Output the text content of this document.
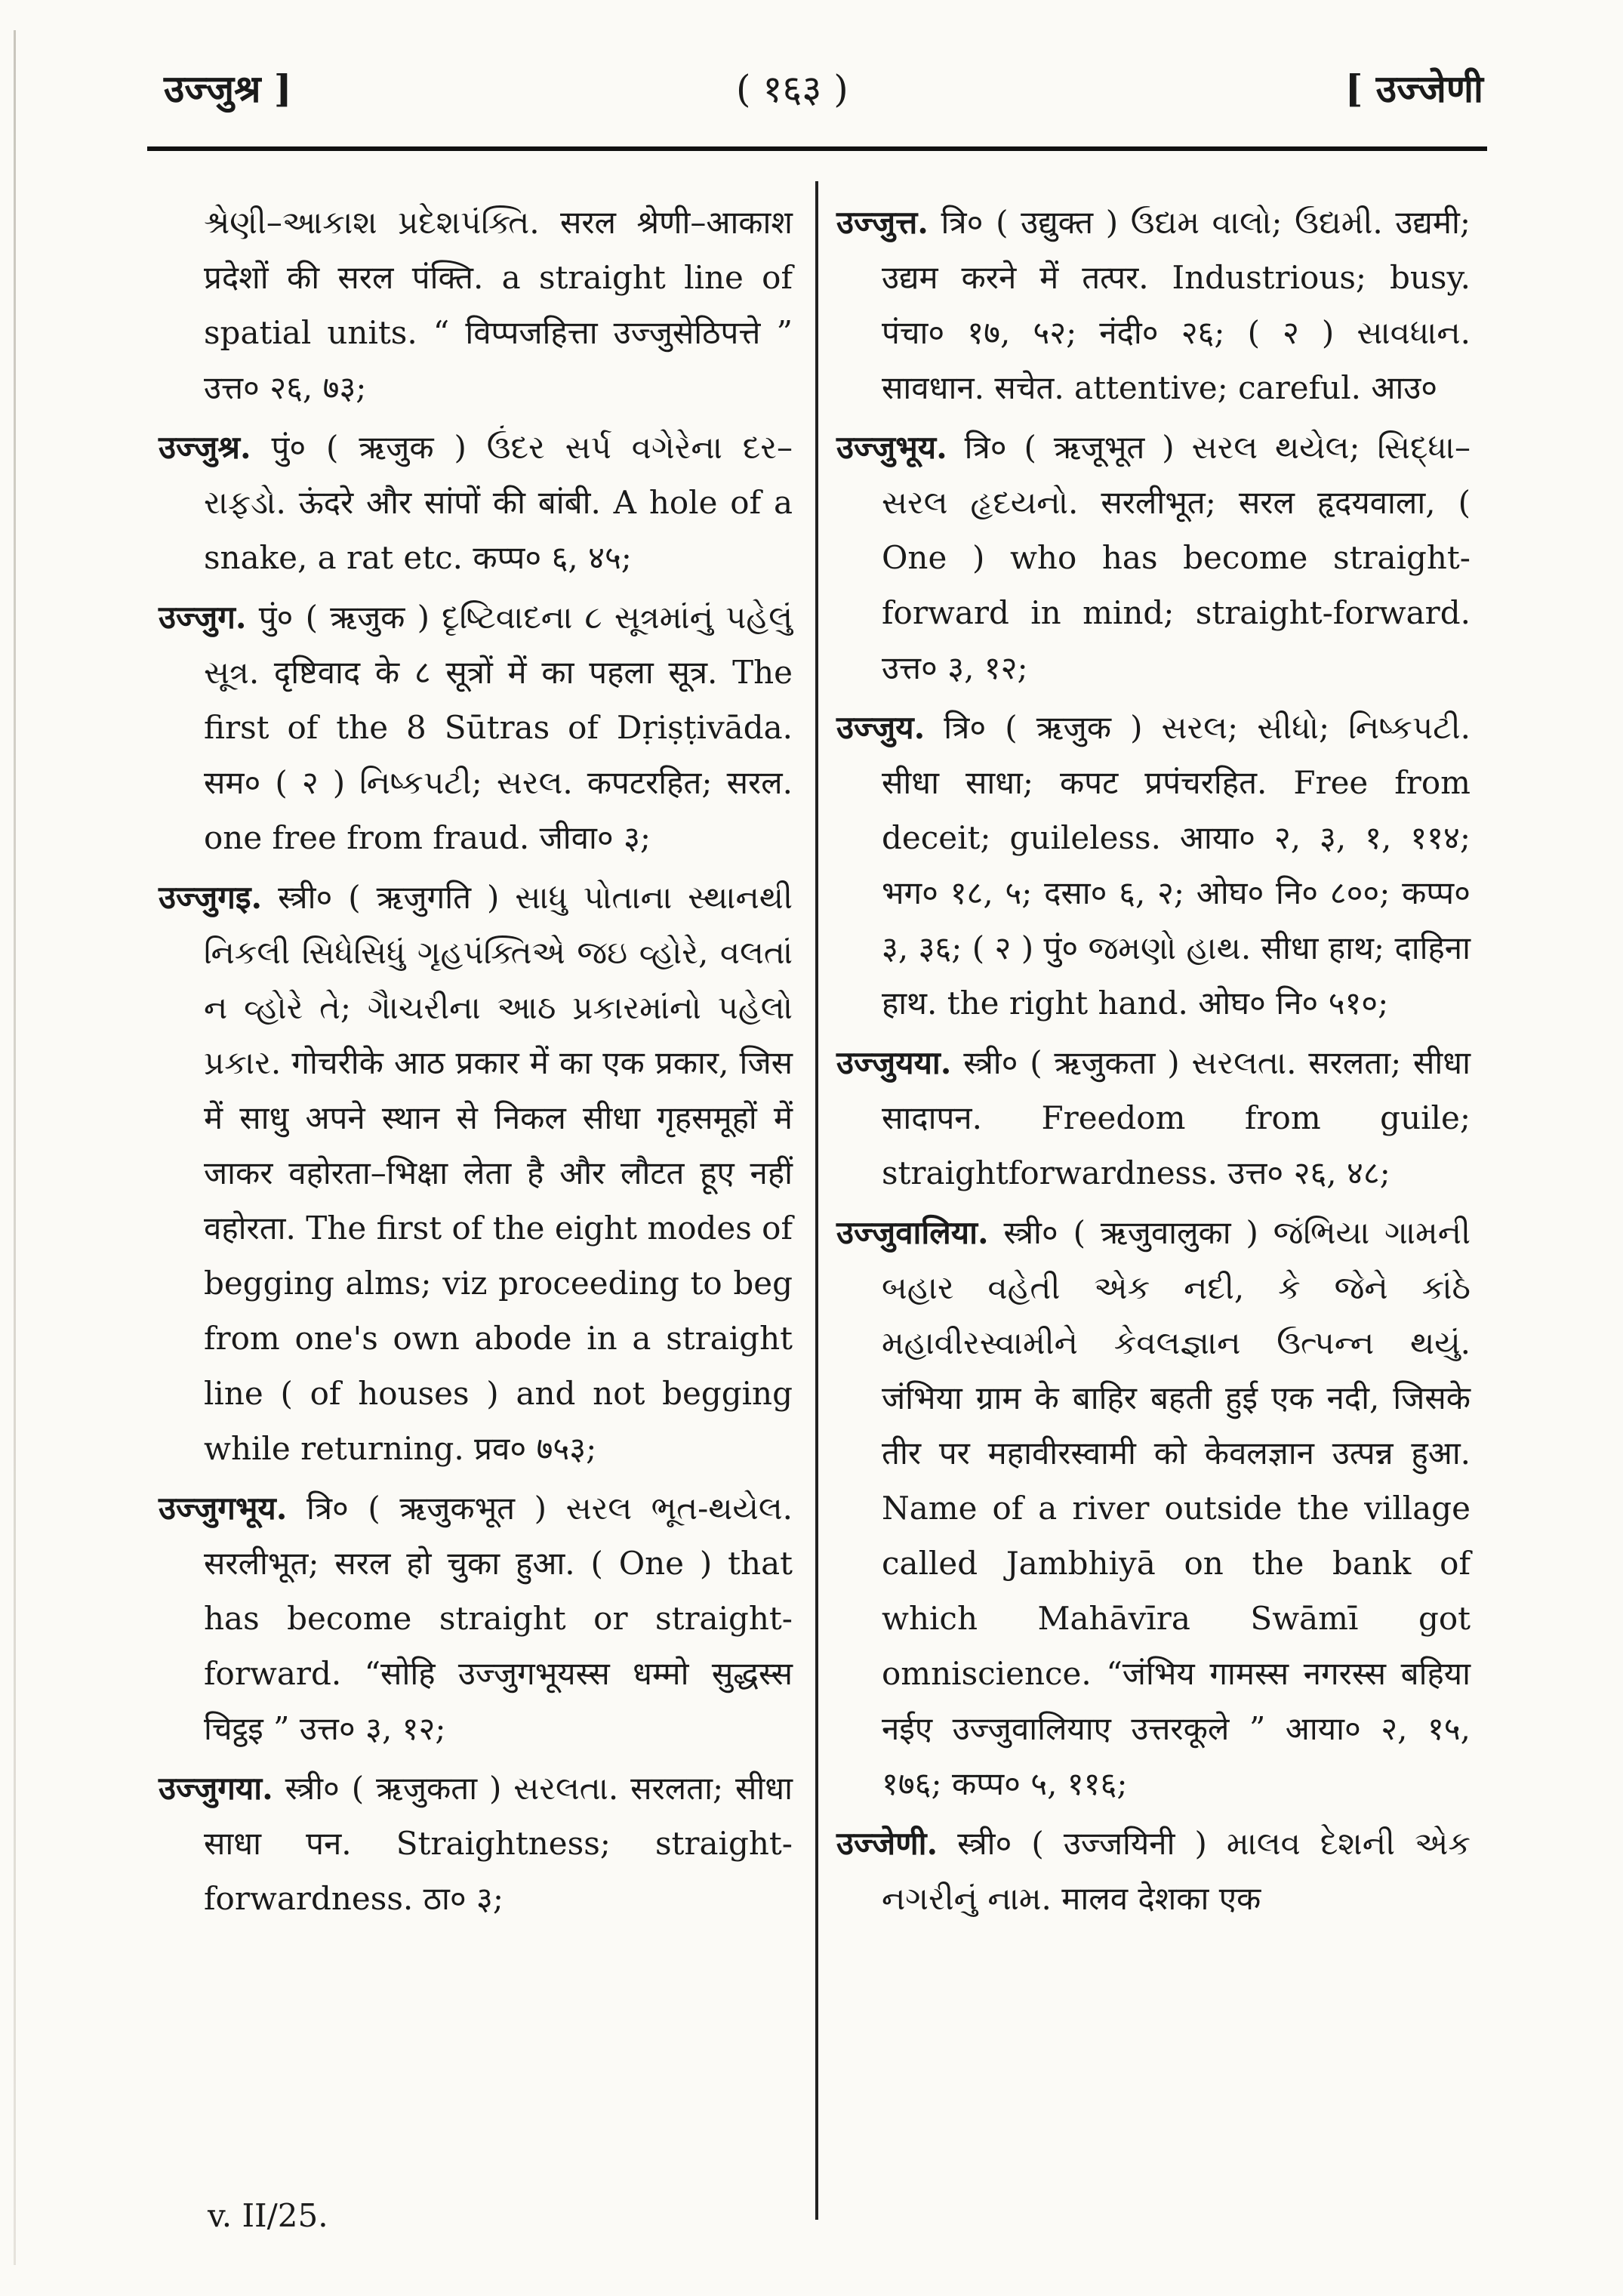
उज्जुश्र ]	( १६३ )	[ उज्जेणी

શ્રેણી–આકાશ પ્રદેશપંક્તિ. सरल श्रेणी–आकाश प्रदेशों की सरल पंक्ति. a straight line of spatial units. “ विप्पजहित्ता उज्जुसेठिपत्ते ” उत्त० २६, ७३;

उज्जुश्र. पुं० ( ऋजुक ) ઉંદર સર્પ વગેરેના દર–રાફડો. ऊंदरे और सांपों की बांबी. A hole of a snake, a rat etc. कप्प० ६, ४५;

उज्जुग. पुं० ( ऋजुक ) દૃષ્ટિવાદના ૮ સૂત્રમાંનું પહેલું સૂત્ર. दृष्टिवाद के ८ सूत्रों में का पहला सूत्र. The first of the 8 Sūtras of Dṛiṣṭivāda. सम० ( २ ) નિષ્કપટી; સરલ. कपटरहित; सरल. one free from fraud. जीवा० ३;

उज्जुगइ. स्त्री० ( ऋजुगति ) સાધુ પોતાના સ્થાનથી નિકલી સિધેસિધું ગૃહપંક્તિએ જઇ વ્હોરે, વલતાં ન વ્હોરે તે; ગૈાચરીના આઠ પ્રકારમાંનો પહેલો પ્રકાર. गोचरीके आठ प्रकार में का एक प्रकार, जिस में साधु अपने स्थान से निकल सीधा गृहसमूहों में जाकर वहोरता–भिक्षा लेता है और लौटत हूए नहीं वहोरता. The first of the eight modes of begging alms; viz proceeding to beg from one's own abode in a straight line ( of houses ) and not begging while returning. प्रव० ७५३;

उज्जुगभूय. त्रि० ( ऋजुकभूत ) સરલ ભૂત-થયેલ. सरलीभूत; सरल हो चुका हुआ. ( One ) that has become straight or straight-forward. “सोहि उज्जुगभूयस्स धम्मो सुद्धस्स चिट्ठइ ” उत्त० ३, १२;

उज्जुगया. स्त्री० ( ऋजुकता ) સરલતા. सरलता; सीधा साधा पन. Straightness; straight-forwardness. ठा० ३;

उज्जुत्त. त्रि० ( उद्युक्त ) ઉદ્યમ વાલો; ઉદ્યમી. उद्यमी; उद्यम करने में तत्पर. Industrious; busy. पंचा० १७, ५२; नंदी० २६; ( २ ) સાવધાન. सावधान. सचेत. attentive; careful. आउ०

उज्जुभूय. त्रि० ( ऋजूभूत ) સરલ થયેલ; સિદ્ધા–સરલ હૃદયનો. सरलीभूत; सरल हृदयवाला, ( One ) who has become straight-forward in mind; straight-forward. उत्त० ३, १२;

उज्जुय. त्रि० ( ऋजुक ) સરલ; સીધો; નિષ્કપટી. सीधा साधा; कपट प्रपंचरहित. Free from deceit; guileless. आया० २, ३, १, ११४; भग० १८, ५; दसा० ६, २; ओघ० नि० ८००; कप्प० ३, ३६; ( २ ) पुं० જમણો હાથ. सीधा हाथ; दाहिना हाथ. the right hand. ओघ० नि० ५१०;

उज्जुयया. स्त्री० ( ऋजुकता ) સરલતા. सरलता; सीधा सादापन. Freedom from guile; straightforwardness. उत्त० २६, ४८;

उज्जुवालिया. स्त्री० ( ऋजुवालुका ) જંભિયા ગામની બહાર વહેતી એક નદી, કે જેને કાંઠે મહાવીરસ્વામીને કેવલજ્ઞાન ઉત્પન્ન થયું. जंभिया ग्राम के बाहिर बहती हुई एक नदी, जिसके तीर पर महावीरस्वामी को केवलज्ञान उत्पन्न हुआ. Name of a river outside the village called Jambhiyā on the bank of which Mahāvīra Swāmī got omniscience. “जंभिय गामस्स नगरस्स बहिया नईए उज्जुवालियाए उत्तरकूले ” आया० २, १५, १७६; कप्प० ५, ११६;

उज्जेणी. स्त्री० ( उज्जयिनी ) માલવ દેશની એક નગરીનું નામ. मालव देशका एक

v. II/25.
